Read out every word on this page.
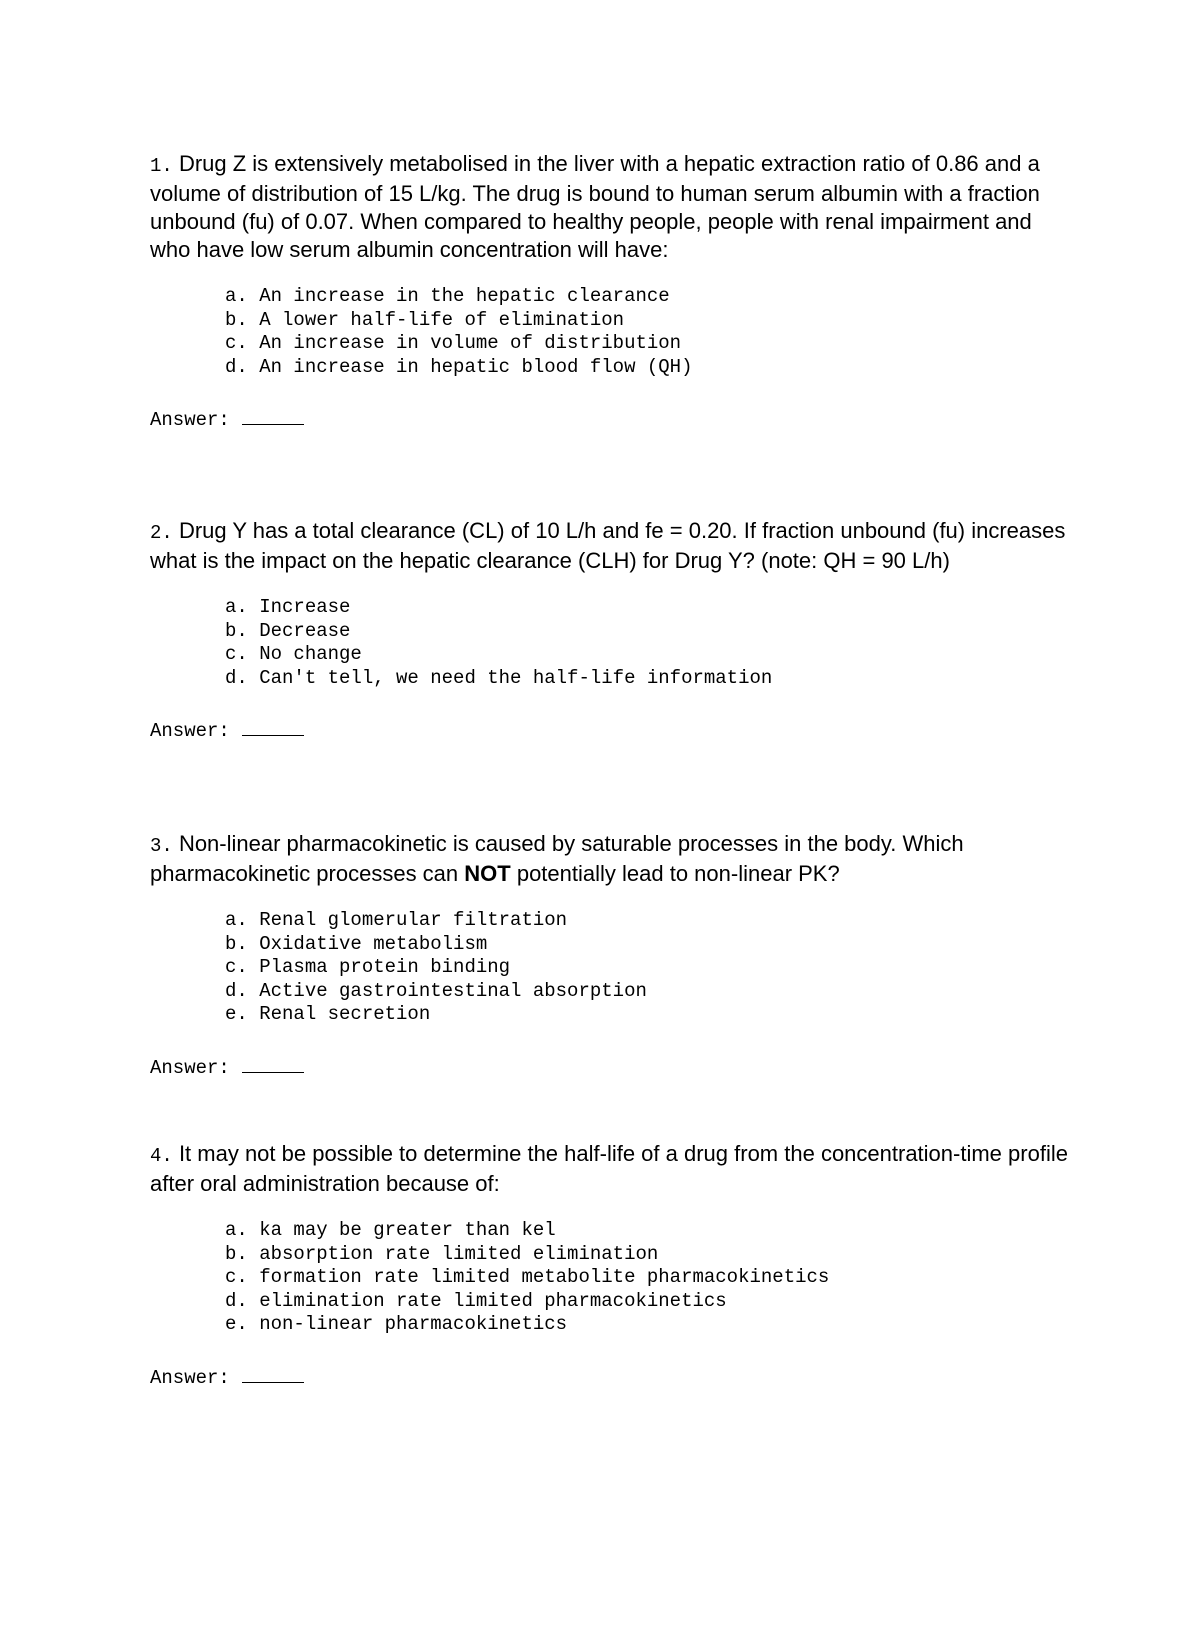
1. Drug Z is extensively metabolised in the liver with a hepatic extraction ratio of 0.86 and a volume of distribution of 15 L/kg. The drug is bound to human serum albumin with a fraction unbound (fu) of 0.07. When compared to healthy people, people with renal impairment and who have low serum albumin concentration will have:

a. An increase in the hepatic clearance
b. A lower half-life of elimination
c. An increase in volume of distribution
d. An increase in hepatic blood flow (QH)
Answer:

2. Drug Y has a total clearance (CL) of 10 L/h and fe = 0.20. If fraction unbound (fu) increases what is the impact on the hepatic clearance (CLH) for Drug Y? (note: QH = 90 L/h)

a. Increase
b. Decrease
c. No change
d. Can't tell, we need the half-life information
Answer:

3. Non-linear pharmacokinetic is caused by saturable processes in the body. Which pharmacokinetic processes can NOT potentially lead to non-linear PK?

a. Renal glomerular filtration
b. Oxidative metabolism
c. Plasma protein binding
d. Active gastrointestinal absorption
e. Renal secretion
Answer:

4. It may not be possible to determine the half-life of a drug from the concentration-time profile after oral administration because of:

a. ka may be greater than kel
b. absorption rate limited elimination
c. formation rate limited metabolite pharmacokinetics
d. elimination rate limited pharmacokinetics
e. non-linear pharmacokinetics
Answer:
